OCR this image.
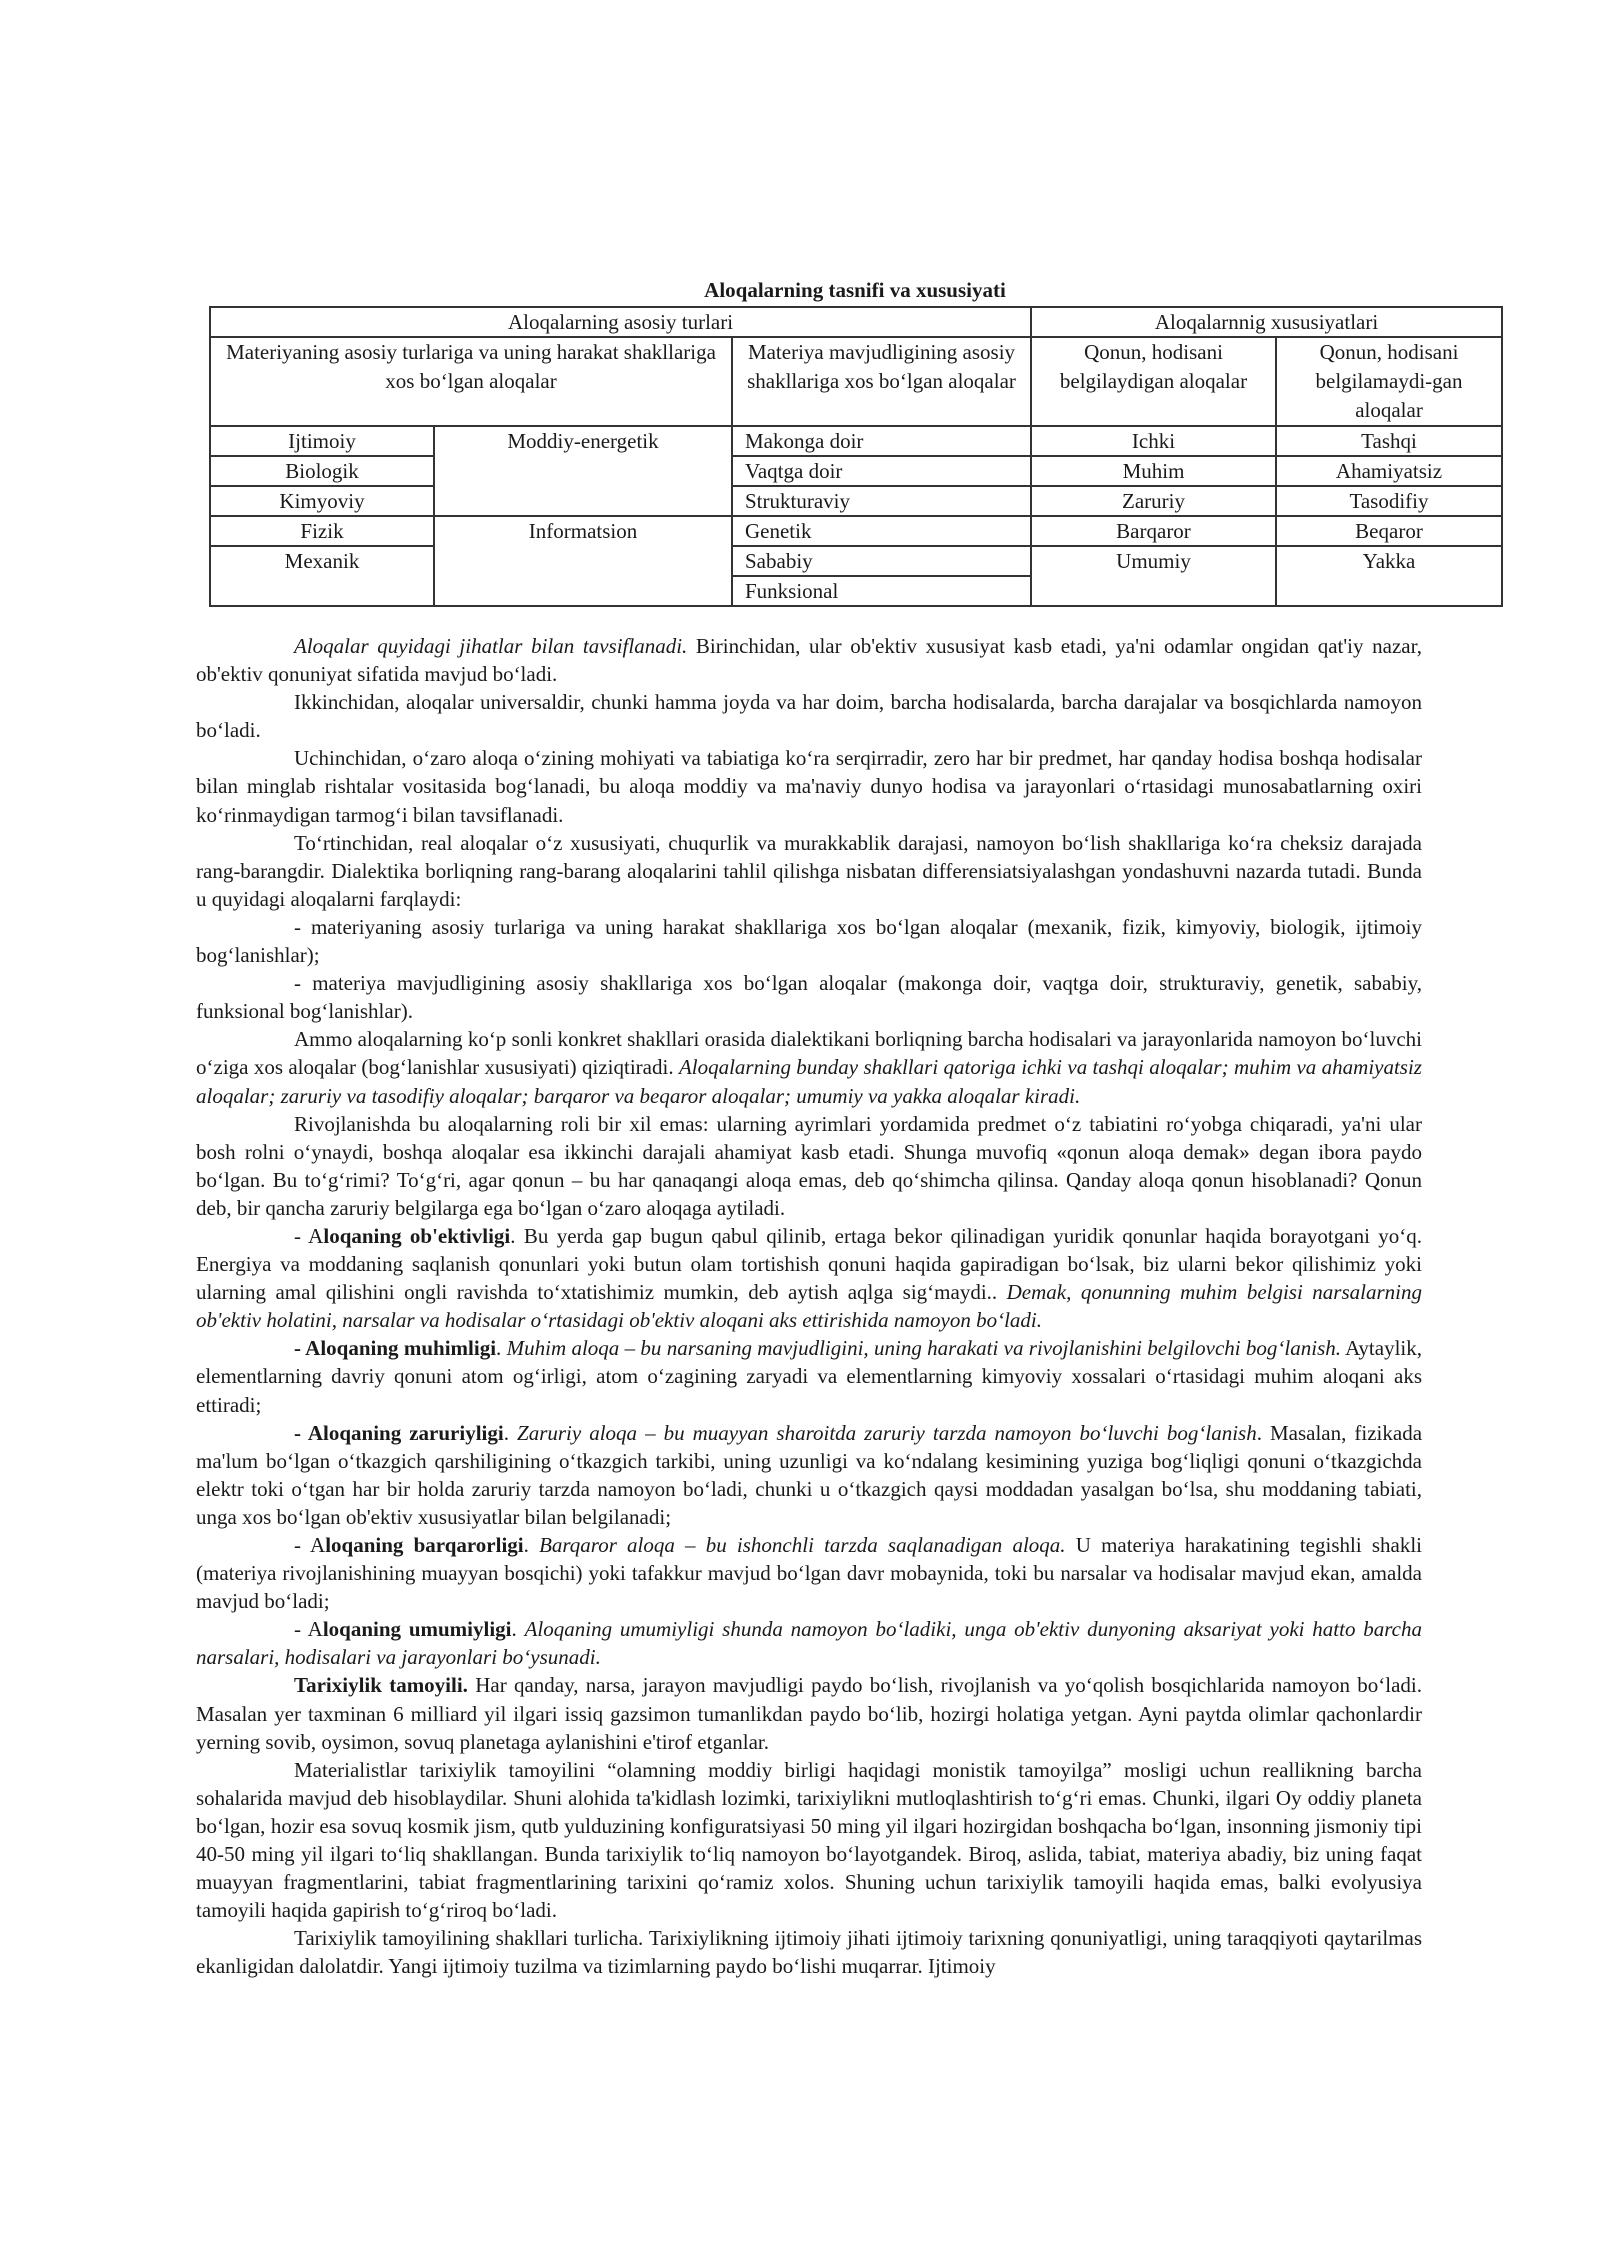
Aloqalarning tasnifi va xususiyati
Aloqalarning asosiy turlari			Aloqalarnnig xususiyatlari	
Materiyaning asosiy turlariga va uning harakat shakllariga xos bo‘lgan aloqalar		Materiya mavjudligining asosiy shakllariga xos bo‘lgan aloqalar	Qonun, hodisani belgilaydigan aloqalar	Qonun, hodisani belgilamaydi-gan aloqalar
Ijtimoiy	Moddiy-energetik	Makonga doir	Ichki	Tashqi
Biologik		Vaqtga doir	Muhim	Ahamiyatsiz
Kimyoviy		Strukturaviy	Zaruriy	Tasodifiy
Fizik	Informatsion	Genetik	Barqaror	Beqaror
Mexanik		Sababiy	Umumiy	Yakka
		Funksional		

Aloqalar quyidagi jihatlar bilan tavsiflanadi. Birinchidan, ular ob'ektiv xususiyat kasb etadi, ya'ni odamlar ongidan qat'iy nazar, ob'ektiv qonuniyat sifatida mavjud bo‘ladi.

Ikkinchidan, aloqalar universaldir, chunki hamma joyda va har doim, barcha hodisalarda, barcha darajalar va bosqichlarda namoyon bo‘ladi.

Uchinchidan, o‘zaro aloqa o‘zining mohiyati va tabiatiga ko‘ra serqirradir, zero har bir predmet, har qanday hodisa boshqa hodisalar bilan minglab rishtalar vositasida bog‘lanadi, bu aloqa moddiy va ma'naviy dunyo hodisa va jarayonlari o‘rtasidagi munosabatlarning oxiri ko‘rinmaydigan tarmog‘i bilan tavsiflanadi.

To‘rtinchidan, real aloqalar o‘z xususiyati, chuqurlik va murakkablik darajasi, namoyon bo‘lish shakllariga ko‘ra cheksiz darajada rang-barangdir. Dialektika borliqning rang-barang aloqalarini tahlil qilishga nisbatan differensiatsiyalashgan yondashuvni nazarda tutadi. Bunda u quyidagi aloqalarni farqlaydi:

- materiyaning asosiy turlariga va uning harakat shakllariga xos bo‘lgan aloqalar (mexanik, fizik, kimyoviy, biologik, ijtimoiy bog‘lanishlar);

- materiya mavjudligining asosiy shakllariga xos bo‘lgan aloqalar (makonga doir, vaqtga doir, strukturaviy, genetik, sababiy, funksional bog‘lanishlar).

Ammo aloqalarning ko‘p sonli konkret shakllari orasida dialektikani borliqning barcha hodisalari va jarayonlarida namoyon bo‘luvchi o‘ziga xos aloqalar (bog‘lanishlar xususiyati) qiziqtiradi. Aloqalarning bunday shakllari qatoriga ichki va tashqi aloqalar; muhim va ahamiyatsiz aloqalar; zaruriy va tasodifiy aloqalar; barqaror va beqaror aloqalar; umumiy va yakka aloqalar kiradi.

Rivojlanishda bu aloqalarning roli bir xil emas: ularning ayrimlari yordamida predmet o‘z tabiatini ro‘yobga chiqaradi, ya'ni ular bosh rolni o‘ynaydi, boshqa aloqalar esa ikkinchi darajali ahamiyat kasb etadi. Shunga muvofiq «qonun aloqa demak» degan ibora paydo bo‘lgan. Bu to‘g‘rimi? To‘g‘ri, agar qonun – bu har qanaqangi aloqa emas, deb qo‘shimcha qilinsa. Qanday aloqa qonun hisoblanadi? Qonun deb, bir qancha zaruriy belgilarga ega bo‘lgan o‘zaro aloqaga aytiladi.

- Aloqaning ob'ektivligi. Bu yerda gap bugun qabul qilinib, ertaga bekor qilinadigan yuridik qonunlar haqida borayotgani yo‘q. Energiya va moddaning saqlanish qonunlari yoki butun olam tortishish qonuni haqida gapiradigan bo‘lsak, biz ularni bekor qilishimiz yoki ularning amal qilishini ongli ravishda to‘xtatishimiz mumkin, deb aytish aqlga sig‘maydi.. Demak, qonunning muhim belgisi narsalarning ob'ektiv holatini, narsalar va hodisalar o‘rtasidagi ob'ektiv aloqani aks ettirishida namoyon bo‘ladi.

- Aloqaning muhimligi. Muhim aloqa – bu narsaning mavjudligini, uning harakati va rivojlanishini belgilovchi bog‘lanish. Aytaylik, elementlarning davriy qonuni atom og‘irligi, atom o‘zagining zaryadi va elementlarning kimyoviy xossalari o‘rtasidagi muhim aloqani aks ettiradi;

- Aloqaning zaruriyligi. Zaruriy aloqa – bu muayyan sharoitda zaruriy tarzda namoyon bo‘luvchi bog‘lanish. Masalan, fizikada ma'lum bo‘lgan o‘tkazgich qarshiligining o‘tkazgich tarkibi, uning uzunligi va ko‘ndalang kesimining yuziga bog‘liqligi qonuni o‘tkazgichda elektr toki o‘tgan har bir holda zaruriy tarzda namoyon bo‘ladi, chunki u o‘tkazgich qaysi moddadan yasalgan bo‘lsa, shu moddaning tabiati, unga xos bo‘lgan ob'ektiv xususiyatlar bilan belgilanadi;

- Aloqaning barqarorligi. Barqaror aloqa – bu ishonchli tarzda saqlanadigan aloqa. U materiya harakatining tegishli shakli (materiya rivojlanishining muayyan bosqichi) yoki tafakkur mavjud bo‘lgan davr mobaynida, toki bu narsalar va hodisalar mavjud ekan, amalda mavjud bo‘ladi;

- Aloqaning umumiyligi. Aloqaning umumiyligi shunda namoyon bo‘ladiki, unga ob'ektiv dunyoning aksariyat yoki hatto barcha narsalari, hodisalari va jarayonlari bo‘ysunadi.

Tarixiylik tamoyili. Har qanday, narsa, jarayon mavjudligi paydo bo‘lish, rivojlanish va yo‘qolish bosqichlarida namoyon bo‘ladi. Masalan yer taxminan 6 milliard yil ilgari issiq gazsimon tumanlikdan paydo bo‘lib, hozirgi holatiga yetgan. Ayni paytda olimlar qachonlardir yerning sovib, oysimon, sovuq planetaga aylanishini e'tirof etganlar.

Materialistlar tarixiylik tamoyilini “olamning moddiy birligi haqidagi monistik tamoyilga” mosligi uchun reallikning barcha sohalarida mavjud deb hisoblaydilar. Shuni alohida ta'kidlash lozimki, tarixiylikni mutloqlashtirish to‘g‘ri emas. Chunki, ilgari Oy oddiy planeta bo‘lgan, hozir esa sovuq kosmik jism, qutb yulduzining konfiguratsiyasi 50 ming yil ilgari hozirgidan boshqacha bo‘lgan, insonning jismoniy tipi 40-50 ming yil ilgari to‘liq shakllangan. Bunda tarixiylik to‘liq namoyon bo‘layotgandek. Biroq, aslida, tabiat, materiya abadiy, biz uning faqat muayyan fragmentlarini, tabiat fragmentlarining tarixini qo‘ramiz xolos. Shuning uchun tarixiylik tamoyili haqida emas, balki evolyusiya tamoyili haqida gapirish to‘g‘riroq bo‘ladi.

Tarixiylik tamoyilining shakllari turlicha. Tarixiylikning ijtimoiy jihati ijtimoiy tarixning qonuniyatligi, uning taraqqiyoti qaytarilmas ekanligidan dalolatdir. Yangi ijtimoiy tuzilma va tizimlarning paydo bo‘lishi muqarrar. Ijtimoiy
